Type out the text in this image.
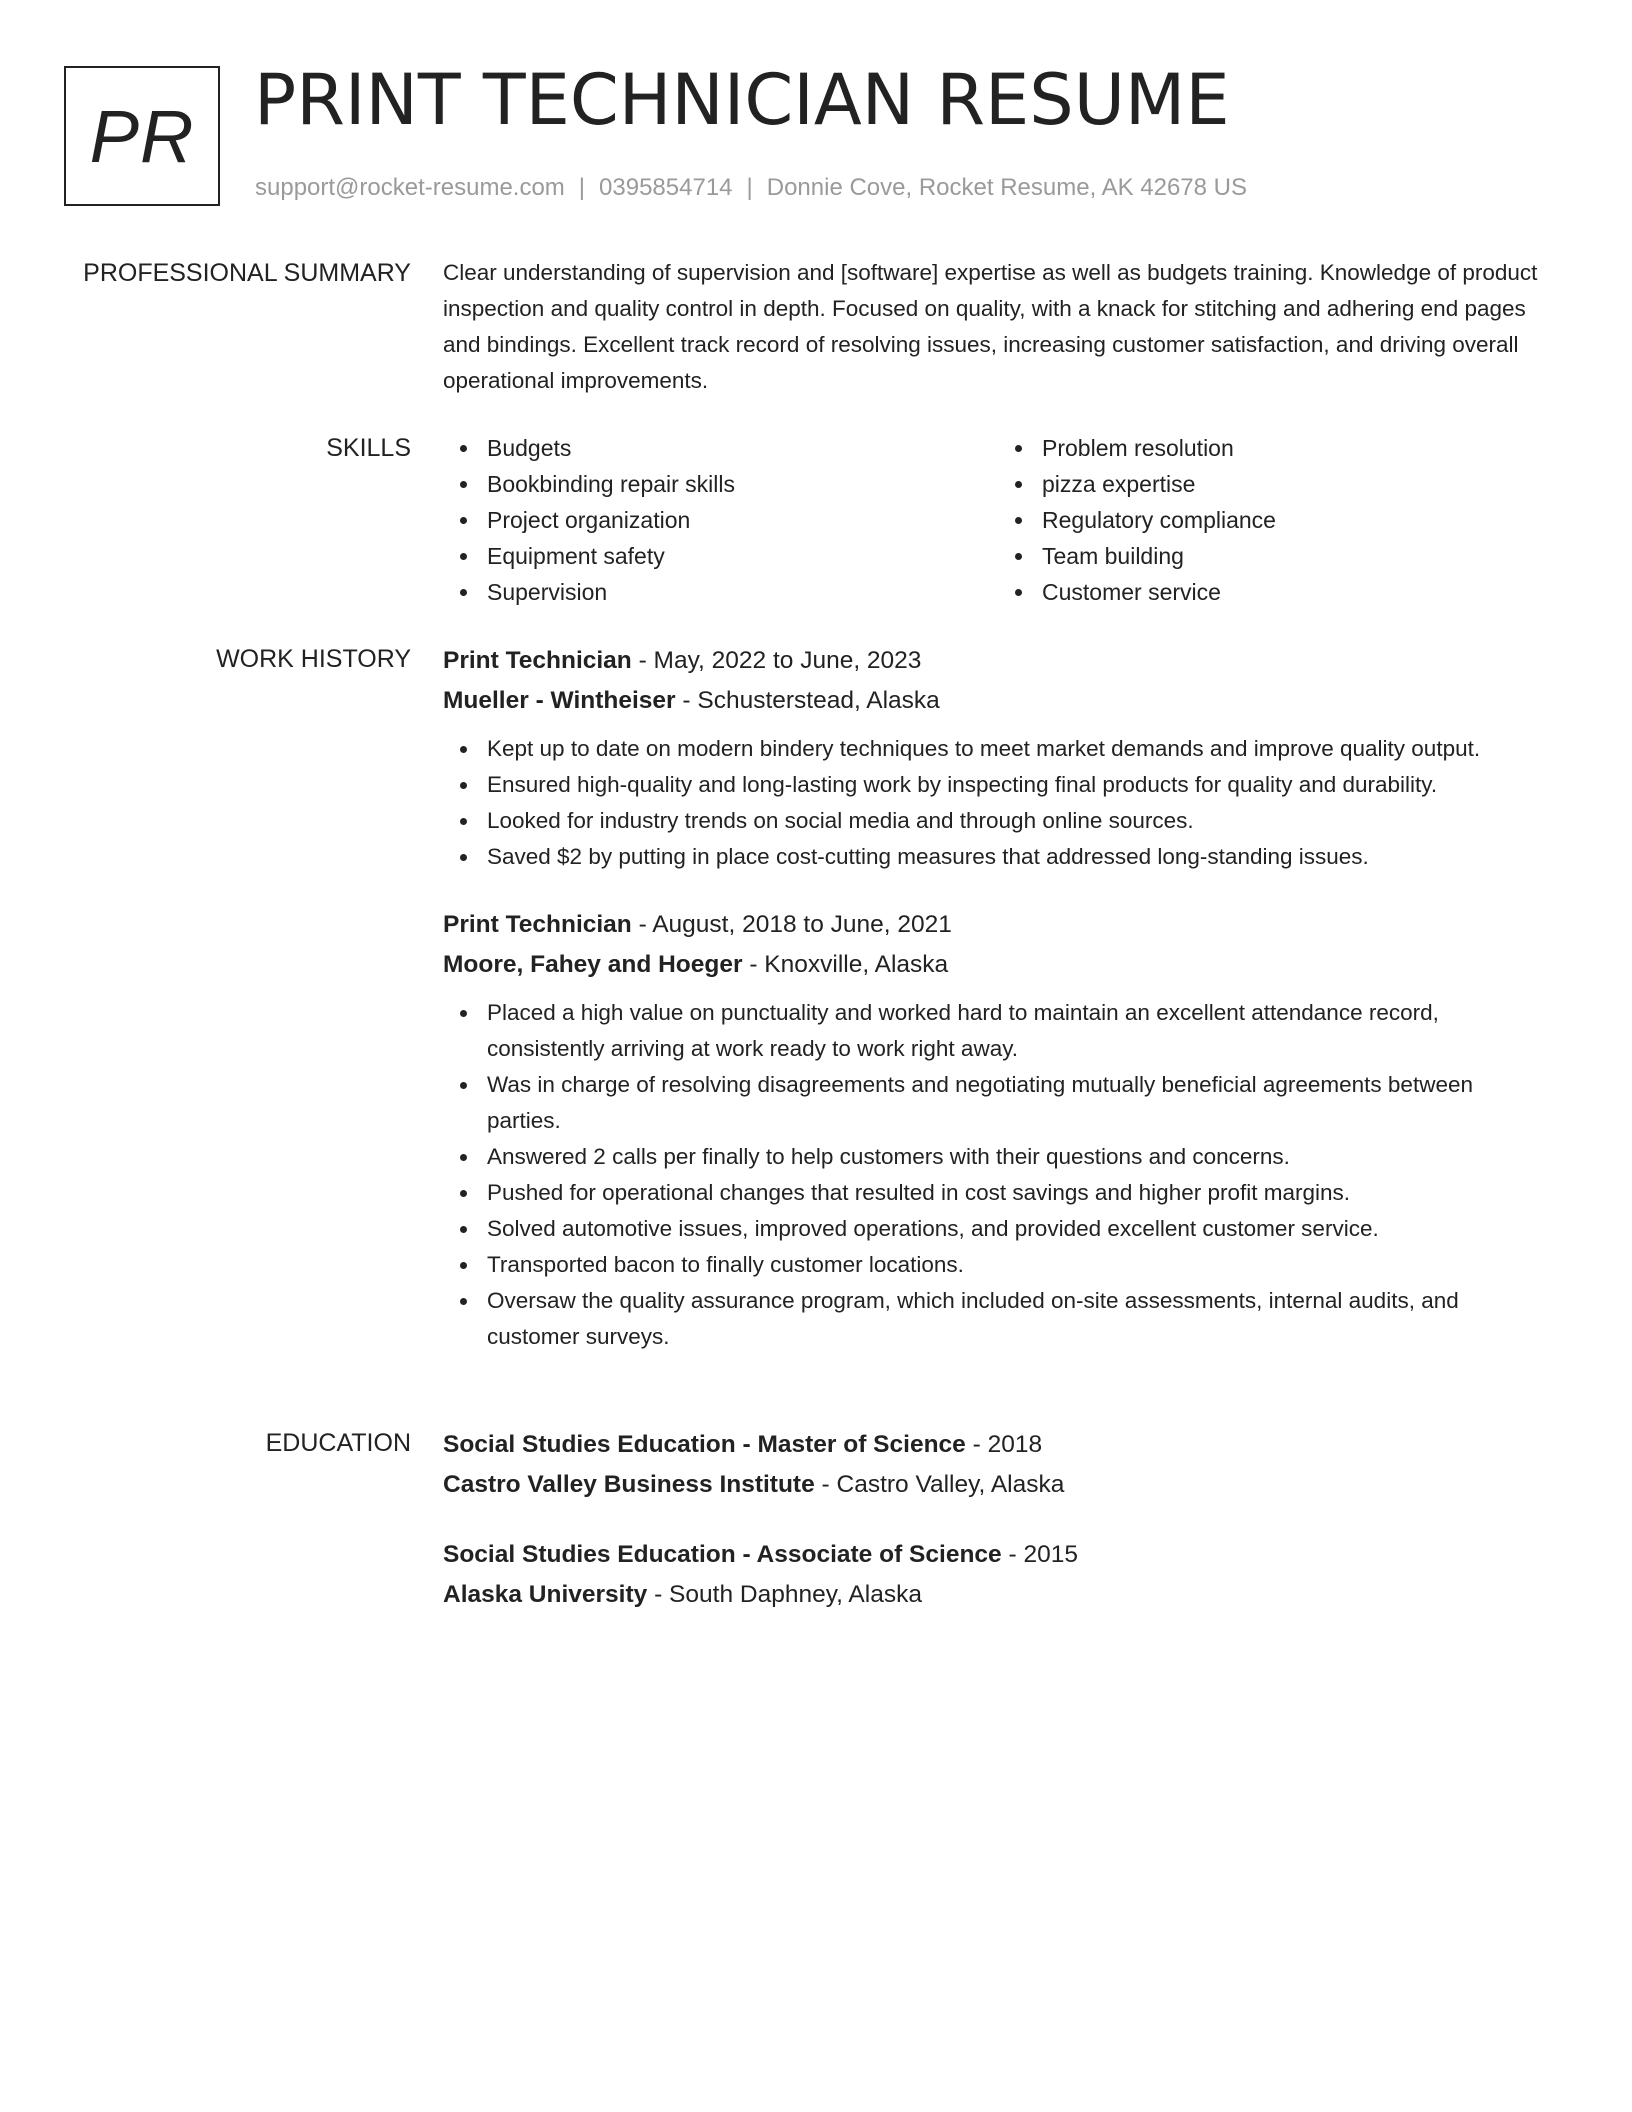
PR PRINT TECHNICIAN RESUME
support@rocket-resume.com | 0395854714 | Donnie Cove, Rocket Resume, AK 42678 US
PROFESSIONAL SUMMARY Clear understanding of supervision and [software] expertise as well as budgets training. Knowledge of product inspection and quality control in depth. Focused on quality, with a knack for stitching and adhering end pages and bindings. Excellent track record of resolving issues, increasing customer satisfaction, and driving overall operational improvements.

SKILLS	Budgets
Bookbinding repair skills
Project organization
Equipment safety
Supervision
Problem resolution
pizza expertise
Regulatory compliance
Team building
Customer service
WORK HISTORY Print Technician - May, 2022 to June, 2023
Mueller - Wintheiser - Schusterstead, Alaska
Kept up to date on modern bindery techniques to meet market demands and improve quality output.
Ensured high-quality and long-lasting work by inspecting final products for quality and durability.
Looked for industry trends on social media and through online sources.
Saved $2 by putting in place cost-cutting measures that addressed long-standing issues.
Print Technician - August, 2018 to June, 2021
Moore, Fahey and Hoeger - Knoxville, Alaska
Placed a high value on punctuality and worked hard to maintain an excellent attendance record, consistently arriving at work ready to work right away.
Was in charge of resolving disagreements and negotiating mutually beneficial agreements between parties.
Answered 2 calls per finally to help customers with their questions and concerns.
Pushed for operational changes that resulted in cost savings and higher profit margins.
Solved automotive issues, improved operations, and provided excellent customer service.
Transported bacon to finally customer locations.
Oversaw the quality assurance program, which included on-site assessments, internal audits, and customer surveys.
EDUCATION Social Studies Education - Master of Science - 2018
Castro Valley Business Institute - Castro Valley, Alaska
Social Studies Education - Associate of Science - 2015
Alaska University - South Daphney, Alaska
